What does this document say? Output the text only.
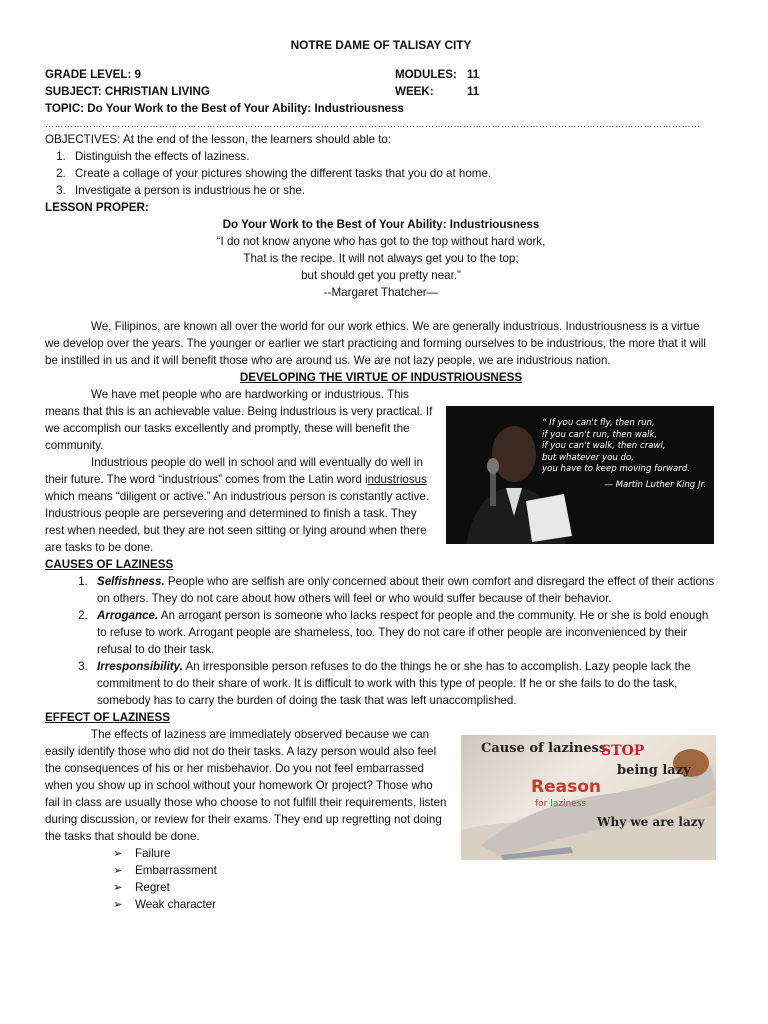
NOTRE DAME OF TALISAY CITY
GRADE LEVEL: 9	MODULES: 11
SUBJECT: CHRISTIAN LIVING	WEEK:	11
TOPIC: Do Your Work to the Best of Your Ability: Industriousness
………………………………………………………………………………………………………………………………………………………………………………………

OBJECTIVES: At the end of the lesson, the learners should able to:

1. Distinguish the effects of laziness.
2. Create a collage of your pictures showing the different tasks that you do at home.
3. Investigate a person is industrious he or she.

LESSON PROPER:

Do Your Work to the Best of Your Ability: Industriousness
“I do not know anyone who has got to the top without hard work,
That is the recipe. It will not always get you to the top;
but should get you pretty near.”
--Margaret Thatcher—

We, Filipinos, are known all over the world for our work ethics. We are generally industrious. Industriousness is a virtue we develop over the years. The younger or earlier we start practicing and forming ourselves to be industrious, the more that it will be instilled in us and it will benefit those who are around us. We are not lazy people, we are industrious nation.

DEVELOPING THE VIRTUE OF INDUSTRIOUSNESS

We have met people who are hardworking or industrious. This means that this is an achievable value. Being industrious is very practical. If we accomplish our tasks excellently and promptly, these will benefit the community.

Industrious people do well in school and will eventually do well in their future. The word “industrious” comes from the Latin word industriosus which means “diligent or active.” An industrious person is constantly active. Industrious people are persevering and determined to finish a task. They rest when needed, but they are not seen sitting or lying around when there are tasks to be done.

CAUSES OF LAZINESS
1. Selfishness. People who are selfish are only concerned about their own comfort and disregard the effect of their actions on others. They do not care about how others will feel or who would suffer because of their behavior.
2. Arrogance. An arrogant person is someone who lacks respect for people and the community. He or she is bold enough to refuse to work. Arrogant people are shameless, too. They do not care if other people are inconvenienced by their refusal to do their task.
3. Irresponsibility. An irresponsible person refuses to do the things he or she has to accomplish. Lazy people lack the commitment to do their share of work. It is difficult to work with this type of people. If he or she fails to do the task, somebody has to carry the burden of doing the task that was left unaccomplished.
EFFECT OF LAZINESS

The effects of laziness are immediately observed because we can easily identify those who did not do their tasks. A lazy person would also feel the consequences of his or her misbehavior. Do you not feel embarrassed when you show up in school without your homework Or project? Those who fail in class are usually those who choose to not fulfill their requirements, listen during discussion, or review for their exams. They end up regretting not doing the tasks that should be done.

➢ Failure
➢ Embarrassment
➢ Regret
➢ Weak character
“ If you can't fly, then run,
if you can't run, then walk,
if you can't walk, then crawl,
but whatever you do,
you have to keep moving forward.
— Martin Luther King Jr.
Cause of laziness
STOP
being lazy
Reason
for laziness
Why we are lazy
